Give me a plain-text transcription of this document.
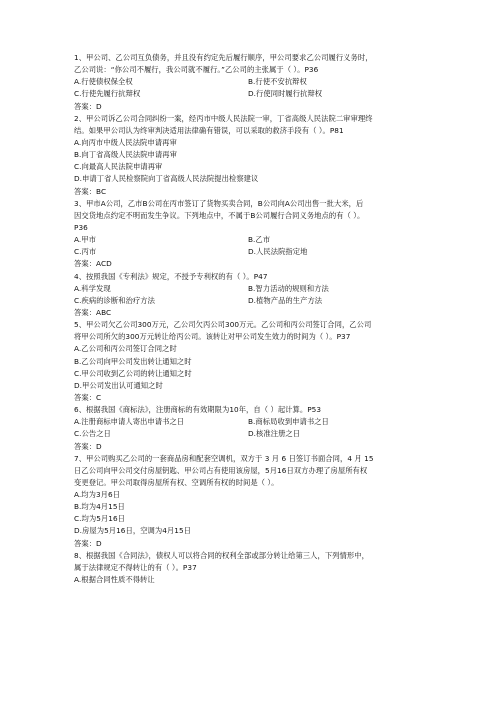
1、甲公司、乙公司互负债务，并且没有约定先后履行顺序，甲公司要求乙公司履行义务时，
乙公司说：“你公司不履行，我公司就不履行。”乙公司的主张属于（ ）。P36
A.行使债权保全权	B.行使不安抗辩权
C.行使先履行抗辩权	D.行使同时履行抗辩权
答案：D
2、甲公司诉乙公司合同纠纷一案，经丙市中级人民法院一审，丁省高级人民法院二审审理终
结。如果甲公司认为终审判决适用法律确有错误，可以采取的救济手段有（ ）。P81
A.向丙市中级人民法院申请再审
B.向丁省高级人民法院申请再审
C.向最高人民法院申请再审
D.申请丁省人民检察院向丁省高级人民法院提出检察建议
答案：BC
3、甲市A公司，乙市B公司在丙市签订了货物买卖合同，B公司向A公司出售一批大米，后
因交货地点约定不明而发生争议。下列地点中，不属于B公司履行合同义务地点的有（ ）。
P36
A.甲市	B.乙市
C.丙市	D.人民法院指定地
答案：ACD
4、按照我国《专利法》规定，不授予专利权的有（ ）。P47
A.科学发现	B.智力活动的规则和方法
C.疾病的诊断和治疗方法	D.植物产品的生产方法
答案：ABC
5、甲公司欠乙公司300万元，乙公司欠丙公司300万元。乙公司和丙公司签订合同，乙公司
将甲公司所欠的300万元转让给丙公司。该转让对甲公司发生效力的时间为（ ）。P37
A.乙公司和丙公司签订合同之时
B.乙公司向甲公司发出转让通知之时
C.甲公司收到乙公司的转让通知之时
D.甲公司发出认可通知之时
答案：C
6、根据我国《商标法》，注册商标的有效期限为10年，自（ ）起计算。P53
A.注册商标申请人寄出申请书之日	B.商标局收到申请书之日
C.公告之日	D.核准注册之日
答案：D
7、甲公司购买乙公司的一套商品房和配套空调机，双方于 3 月 6 日签订书面合同，4 月 15
日乙公司向甲公司交付房屋钥匙、甲公司占有使用该房屋，5月16日双方办理了房屋所有权
变更登记。甲公司取得房屋所有权、空调所有权的时间是（ ）。
A.均为3月6日
B.均为4月15日
C.均为5月16日
D.房屋为5月16日，空调为4月15日
答案：D
8、根据我国《合同法》，债权人可以将合同的权利全部或部分转让给第三人，下列情形中，
属于法律规定不得转让的有（ ）。P37
A.根据合同性质不得转让
